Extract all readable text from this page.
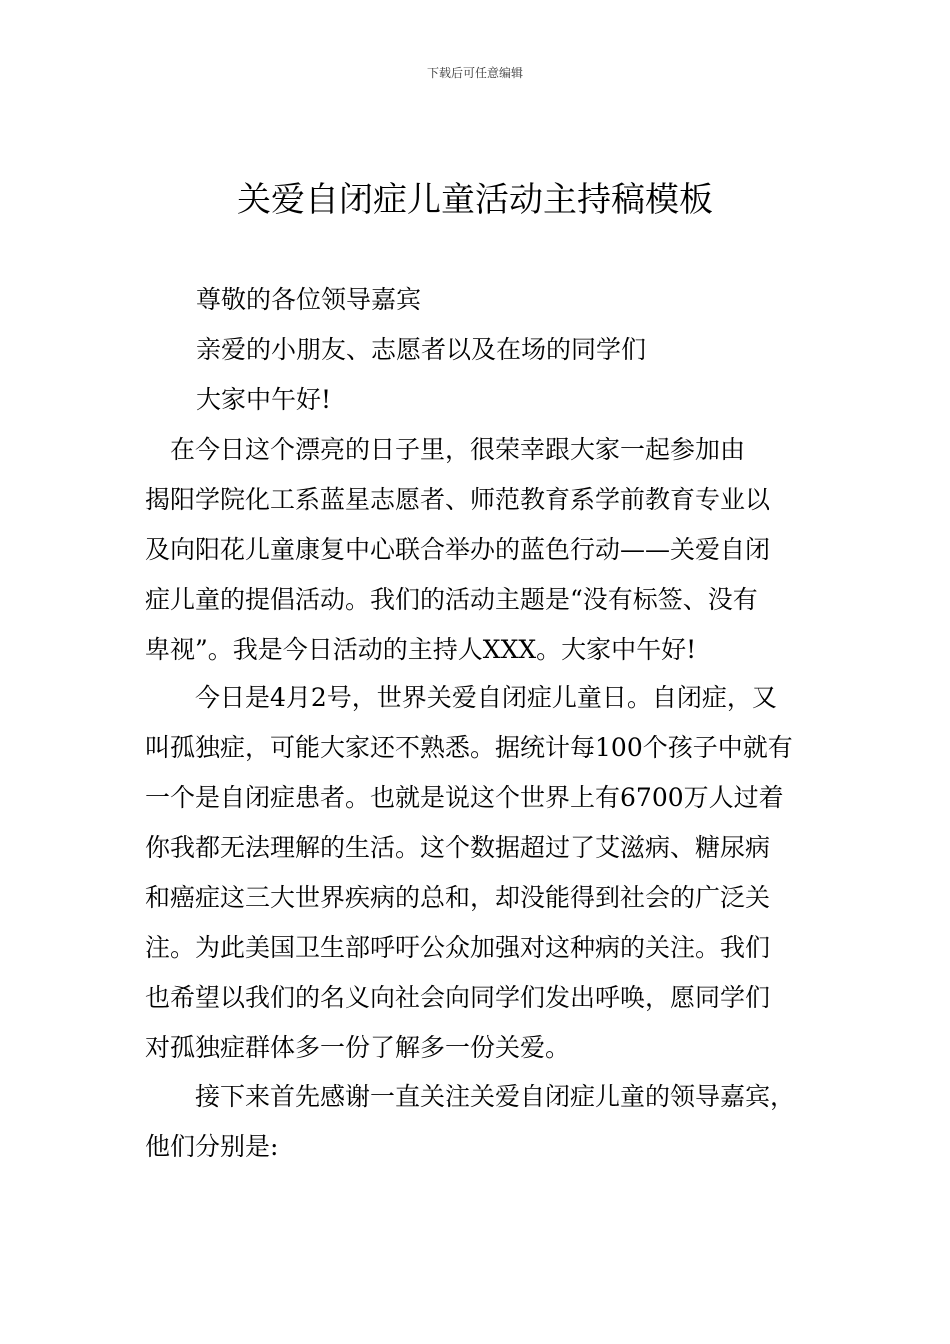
下载后可任意编辑
关爱自闭症儿童活动主持稿模板
尊敬的各位领导嘉宾
亲爱的小朋友、志愿者以及在场的同学们
大家中午好!
　在今日这个漂亮的日子里，很荣幸跟大家一起参加由
揭阳学院化工系蓝星志愿者、师范教育系学前教育专业以
及向阳花儿童康复中心联合举办的蓝色行动——关爱自闭
症儿童的提倡活动。我们的活动主题是“没有标签、没有
卑视”。我是今日活动的主持人XXX。大家中午好!
　　今日是4月2号，世界关爱自闭症儿童日。自闭症，又
叫孤独症，可能大家还不熟悉。据统计每100个孩子中就有
一个是自闭症患者。也就是说这个世界上有6700万人过着
你我都无法理解的生活。这个数据超过了艾滋病、糖尿病
和癌症这三大世界疾病的总和，却没能得到社会的广泛关
注。为此美国卫生部呼吁公众加强对这种病的关注。我们
也希望以我们的名义向社会向同学们发出呼唤，愿同学们
对孤独症群体多一份了解多一份关爱。
　　接下来首先感谢一直关注关爱自闭症儿童的领导嘉宾，
他们分别是:
